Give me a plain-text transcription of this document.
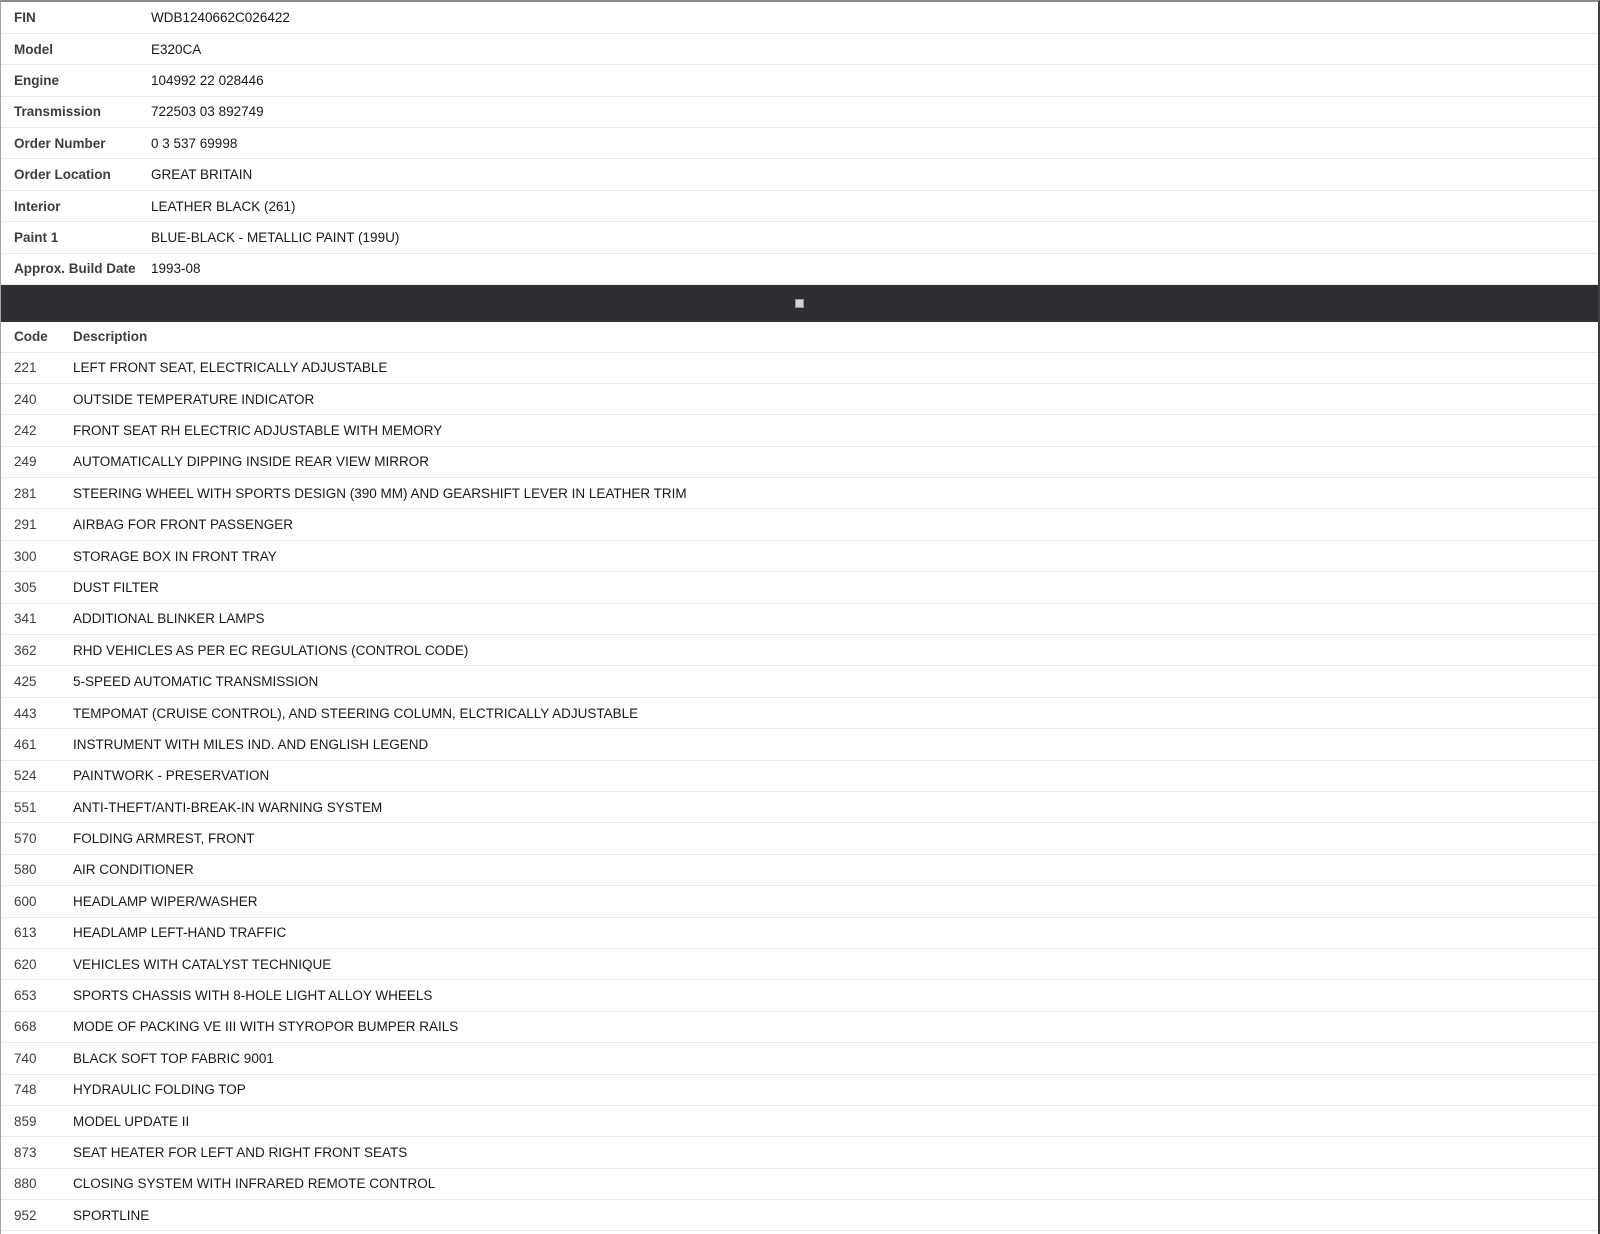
FIN	WDB1240662C026422
Model	E320CA
Engine	104992 22 028446
Transmission	722503 03 892749
Order Number	0 3 537 69998
Order Location	GREAT BRITAIN
Interior	LEATHER BLACK (261)
Paint 1	BLUE-BLACK - METALLIC PAINT (199U)
Approx. Build Date	1993-08
Code	Description
221	LEFT FRONT SEAT, ELECTRICALLY ADJUSTABLE
240	OUTSIDE TEMPERATURE INDICATOR
242	FRONT SEAT RH ELECTRIC ADJUSTABLE WITH MEMORY
249	AUTOMATICALLY DIPPING INSIDE REAR VIEW MIRROR
281	STEERING WHEEL WITH SPORTS DESIGN (390 MM) AND GEARSHIFT LEVER IN LEATHER TRIM
291	AIRBAG FOR FRONT PASSENGER
300	STORAGE BOX IN FRONT TRAY
305	DUST FILTER
341	ADDITIONAL BLINKER LAMPS
362	RHD VEHICLES AS PER EC REGULATIONS (CONTROL CODE)
425	5-SPEED AUTOMATIC TRANSMISSION
443	TEMPOMAT (CRUISE CONTROL), AND STEERING COLUMN, ELCTRICALLY ADJUSTABLE
461	INSTRUMENT WITH MILES IND. AND ENGLISH LEGEND
524	PAINTWORK - PRESERVATION
551	ANTI-THEFT/ANTI-BREAK-IN WARNING SYSTEM
570	FOLDING ARMREST, FRONT
580	AIR CONDITIONER
600	HEADLAMP WIPER/WASHER
613	HEADLAMP LEFT-HAND TRAFFIC
620	VEHICLES WITH CATALYST TECHNIQUE
653	SPORTS CHASSIS WITH 8-HOLE LIGHT ALLOY WHEELS
668	MODE OF PACKING VE III WITH STYROPOR BUMPER RAILS
740	BLACK SOFT TOP FABRIC 9001
748	HYDRAULIC FOLDING TOP
859	MODEL UPDATE II
873	SEAT HEATER FOR LEFT AND RIGHT FRONT SEATS
880	CLOSING SYSTEM WITH INFRARED REMOTE CONTROL
952	SPORTLINE
